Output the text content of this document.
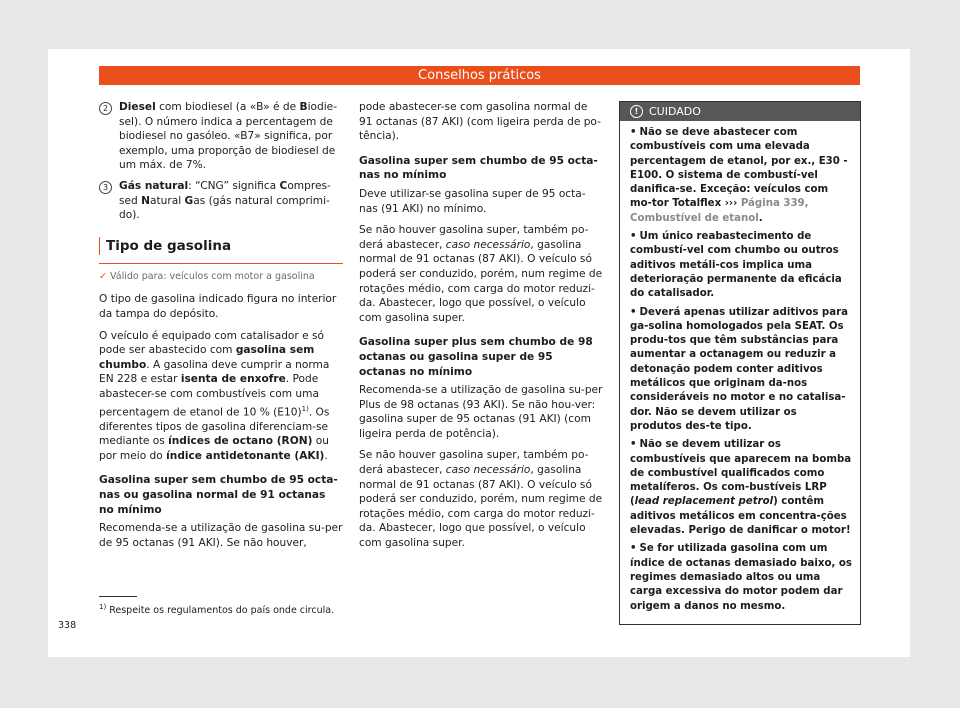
Conselhos práticos
2	Diesel com biodiesel (a «B» é de Biodie-sel). O número indica a percentagem de biodiesel no gasóleo. «B7» significa, por exemplo, uma proporção de biodiesel de um máx. de 7%.
3	Gás natural: “CNG” significa Compres-sed Natural Gas (gás natural comprimi-do).
Tipo de gasolina
✓ Válido para: veículos com motor a gasolina

O tipo de gasolina indicado figura no interior da tampa do depósito.

O veículo é equipado com catalisador e só pode ser abastecido com gasolina sem chumbo. A gasolina deve cumprir a norma EN 228 e estar isenta de enxofre. Pode abastecer-se com combustíveis com uma percentagem de etanol de 10 % $(E10)^{1)}$. Os diferentes tipos de gasolina diferenciam-se mediante os índices de octano (RON) ou por meio do índice antidetonante (AKI).

Gasolina super sem chumbo de 95 octa-nas ou gasolina normal de 91 octanas no mínimo

Recomenda-se a utilização de gasolina su-per de 95 octanas (91 AKI). Se não houver,

pode abastecer-se com gasolina normal de 91 octanas (87 AKI) (com ligeira perda de po-tência).

Gasolina super sem chumbo de 95 octa-nas no mínimo

Deve utilizar-se gasolina super de 95 octa-nas (91 AKI) no mínimo.

Se não houver gasolina super, também po-derá abastecer, caso necessário, gasolina normal de 91 octanas (87 AKI). O veículo só poderá ser conduzido, porém, num regime de rotações médio, com carga do motor reduzi-da. Abastecer, logo que possível, o veículo com gasolina super.

Gasolina super plus sem chumbo de 98 octanas ou gasolina super de 95 octanas no mínimo

Recomenda-se a utilização de gasolina su-per Plus de 98 octanas (93 AKI). Se não hou-ver: gasolina super de 95 octanas (91 AKI) (com ligeira perda de potência).

Se não houver gasolina super, também po-derá abastecer, caso necessário, gasolina normal de 91 octanas (87 AKI). O veículo só poderá ser conduzido, porém, num regime de rotações médio, com carga do motor reduzi-da. Abastecer, logo que possível, o veículo com gasolina super.

! CUIDADO

• Não se deve abastecer com combustíveis com uma elevada percentagem de etanol, por ex., E30 - E100. O sistema de combustí-vel danifica-se. Exceção: veículos com mo-tor Totalflex ››› Página 339, Combustível de etanol.

• Um único reabastecimento de combustí-vel com chumbo ou outros aditivos metáli-cos implica uma deterioração permanente da eficácia do catalisador.

• Deverá apenas utilizar aditivos para ga-solina homologados pela SEAT. Os produ-tos que têm substâncias para aumentar a octanagem ou reduzir a detonação podem conter aditivos metálicos que originam da-nos consideráveis no motor e no catalisa-dor. Não se devem utilizar os produtos des-te tipo.

• Não se devem utilizar os combustíveis que aparecem na bomba de combustível qualificados como metalíferos. Os com-bustíveis LRP (lead replacement petrol) contêm aditivos metálicos em concentra-ções elevadas. Perigo de danificar o motor!

• Se for utilizada gasolina com um índice de octanas demasiado baixo, os regimes demasiado altos ou uma carga excessiva do motor podem dar origem a danos no mesmo.

$^{1)}$ Respeite os regulamentos do país onde circula.
338
